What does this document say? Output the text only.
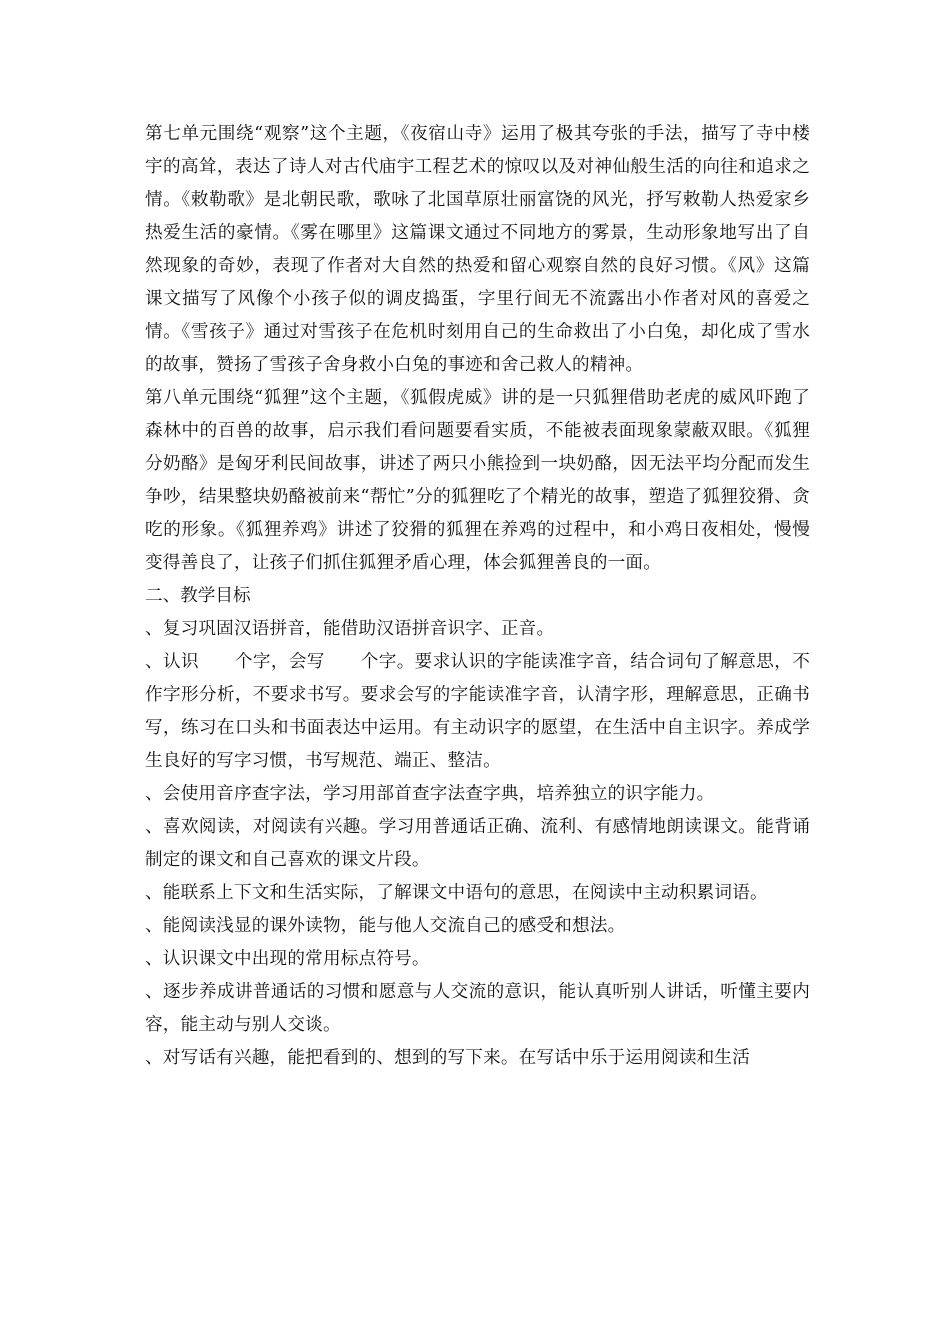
第七单元围绕“观察”这个主题，《夜宿山寺》运用了极其夸张的手法，描写了寺中楼宇的高耸，表达了诗人对古代庙宇工程艺术的惊叹以及对神仙般生活的向往和追求之情。《敕勒歌》是北朝民歌，歌咏了北国草原壮丽富饶的风光，抒写敕勒人热爱家乡热爱生活的豪情。《雾在哪里》这篇课文通过不同地方的雾景，生动形象地写出了自然现象的奇妙，表现了作者对大自然的热爱和留心观察自然的良好习惯。《风》这篇课文描写了风像个小孩子似的调皮捣蛋，字里行间无不流露出小作者对风的喜爱之情。《雪孩子》通过对雪孩子在危机时刻用自己的生命救出了小白兔，却化成了雪水的故事，赞扬了雪孩子舍身救小白兔的事迹和舍己救人的精神。

第八单元围绕“狐狸”这个主题，《狐假虎威》讲的是一只狐狸借助老虎的威风吓跑了森林中的百兽的故事，启示我们看问题要看实质，不能被表面现象蒙蔽双眼。《狐狸分奶酪》是匈牙利民间故事，讲述了两只小熊捡到一块奶酪，因无法平均分配而发生争吵，结果整块奶酪被前来“帮忙”分的狐狸吃了个精光的故事，塑造了狐狸狡猾、贪吃的形象。《狐狸养鸡》讲述了狡猾的狐狸在养鸡的过程中，和小鸡日夜相处，慢慢变得善良了，让孩子们抓住狐狸矛盾心理，体会狐狸善良的一面。

二、教学目标

、复习巩固汉语拼音，能借助汉语拼音识字、正音。

、认识　　个字，会写　　个字。要求认识的字能读准字音，结合词句了解意思，不作字形分析，不要求书写。要求会写的字能读准字音，认清字形，理解意思，正确书写，练习在口头和书面表达中运用。有主动识字的愿望，在生活中自主识字。养成学生良好的写字习惯，书写规范、端正、整洁。

、会使用音序查字法，学习用部首查字法查字典，培养独立的识字能力。

、喜欢阅读，对阅读有兴趣。学习用普通话正确、流利、有感情地朗读课文。能背诵制定的课文和自己喜欢的课文片段。

、能联系上下文和生活实际，了解课文中语句的意思，在阅读中主动积累词语。

、能阅读浅显的课外读物，能与他人交流自己的感受和想法。

、认识课文中出现的常用标点符号。

、逐步养成讲普通话的习惯和愿意与人交流的意识，能认真听别人讲话，听懂主要内容，能主动与别人交谈。

、对写话有兴趣，能把看到的、想到的写下来。在写话中乐于运用阅读和生活
